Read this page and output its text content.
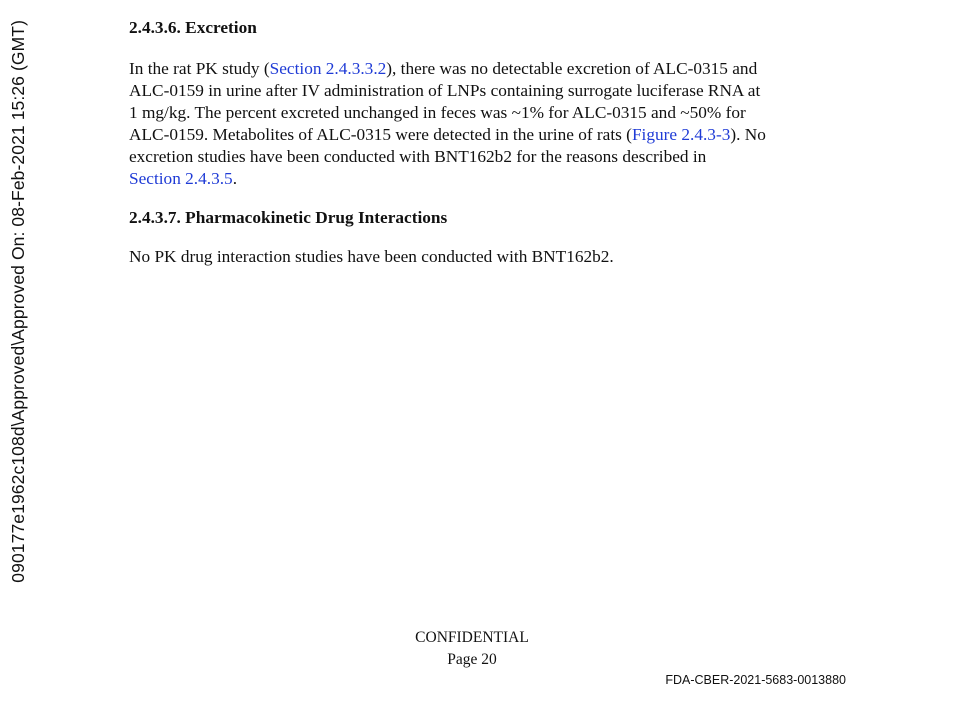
090177e1962c108d\Approved\Approved On: 08-Feb-2021 15:26 (GMT)	2.4.3.6. Excretion

In the rat PK study (Section 2.4.3.3.2), there was no detectable excretion of ALC-0315 and
ALC-0159 in urine after IV administration of LNPs containing surrogate luciferase RNA at
1 mg/kg. The percent excreted unchanged in feces was ~1% for ALC-0315 and ~50% for
ALC-0159. Metabolites of ALC-0315 were detected in the urine of rats (Figure 2.4.3-3). No
excretion studies have been conducted with BNT162b2 for the reasons described in
Section 2.4.3.5.

2.4.3.7. Pharmacokinetic Drug Interactions

No PK drug interaction studies have been conducted with BNT162b2.

CONFIDENTIAL
Page 20
FDA-CBER-2021-5683-0013880
